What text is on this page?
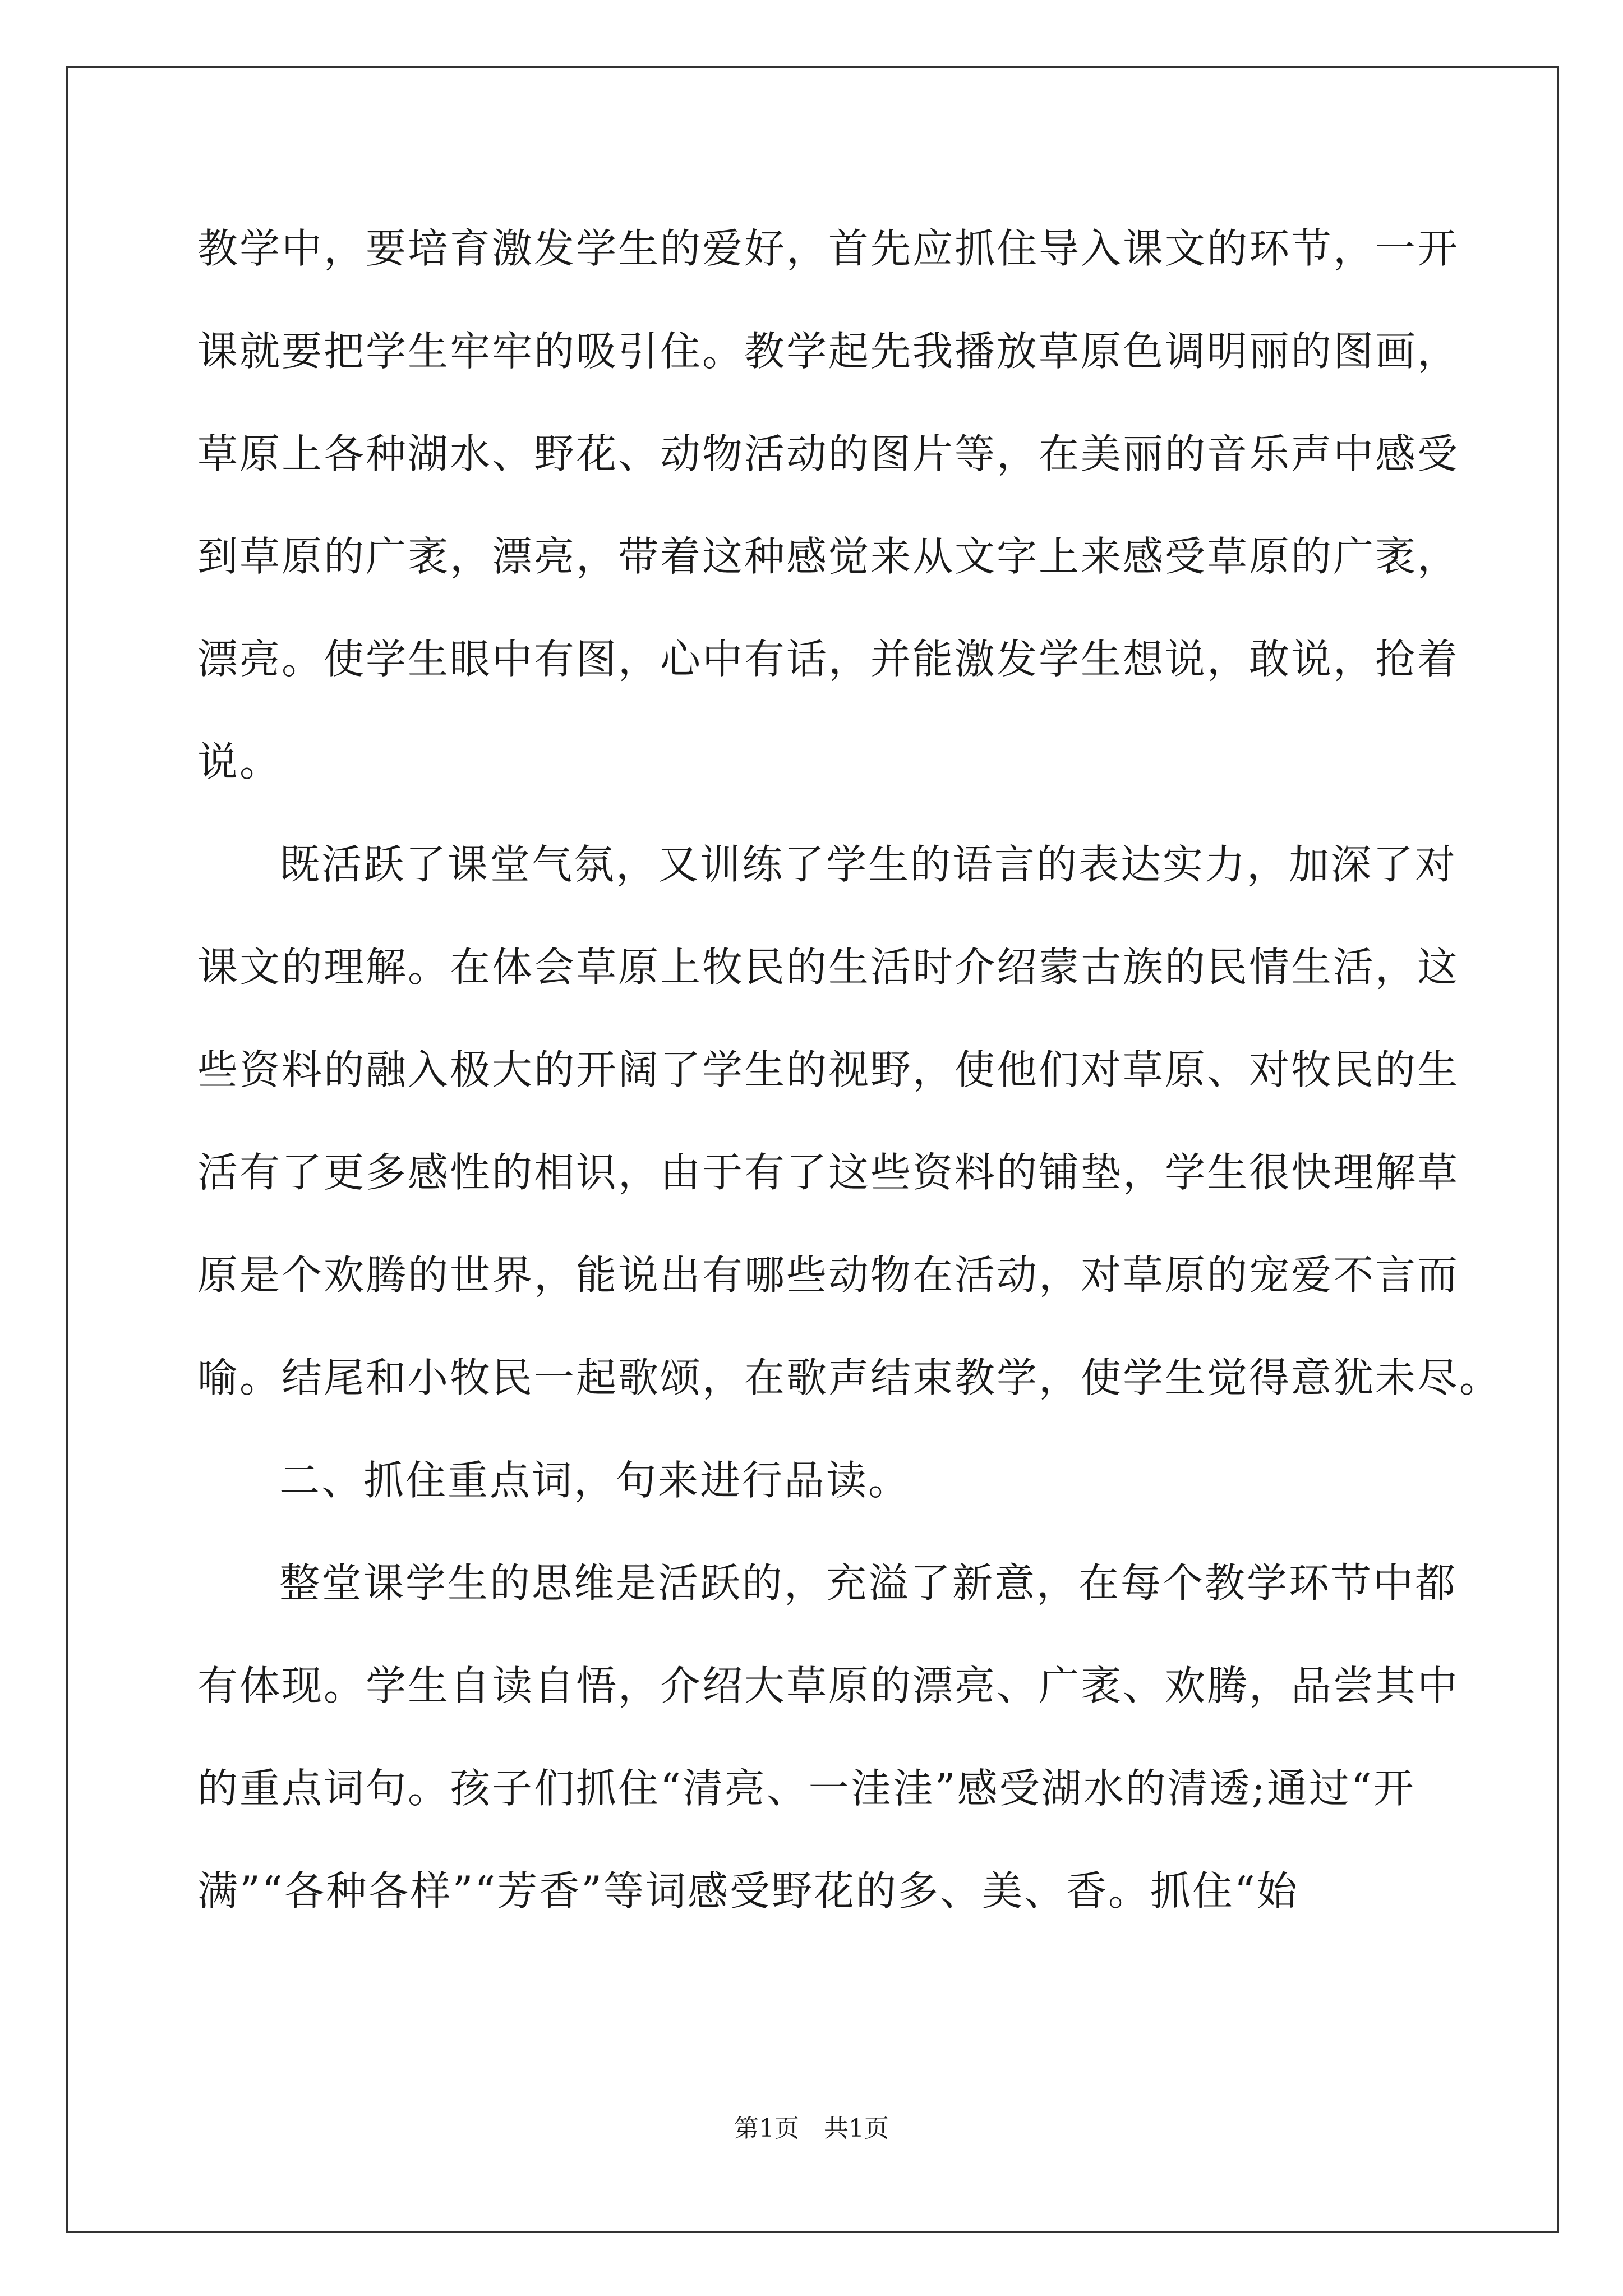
教学中，要培育激发学生的爱好，首先应抓住导入课文的环节，一开

课就要把学生牢牢的吸引住。教学起先我播放草原色调明丽的图画，

草原上各种湖水、野花、动物活动的图片等，在美丽的音乐声中感受

到草原的广袤，漂亮，带着这种感觉来从文字上来感受草原的广袤，

漂亮。使学生眼中有图，心中有话，并能激发学生想说，敢说，抢着

说。

既活跃了课堂气氛，又训练了学生的语言的表达实力，加深了对

课文的理解。在体会草原上牧民的生活时介绍蒙古族的民情生活，这

些资料的融入极大的开阔了学生的视野，使他们对草原、对牧民的生

活有了更多感性的相识，由于有了这些资料的铺垫，学生很快理解草

原是个欢腾的世界，能说出有哪些动物在活动，对草原的宠爱不言而

喻。结尾和小牧民一起歌颂，在歌声结束教学，使学生觉得意犹未尽。

二、抓住重点词，句来进行品读。

整堂课学生的思维是活跃的，充溢了新意，在每个教学环节中都

有体现。学生自读自悟，介绍大草原的漂亮、广袤、欢腾，品尝其中

的重点词句。孩子们抓住“清亮、一洼洼”感受湖水的清透;通过“开

满”“各种各样”“芳香”等词感受野花的多、美、香。抓住“始

第1页　共1页
